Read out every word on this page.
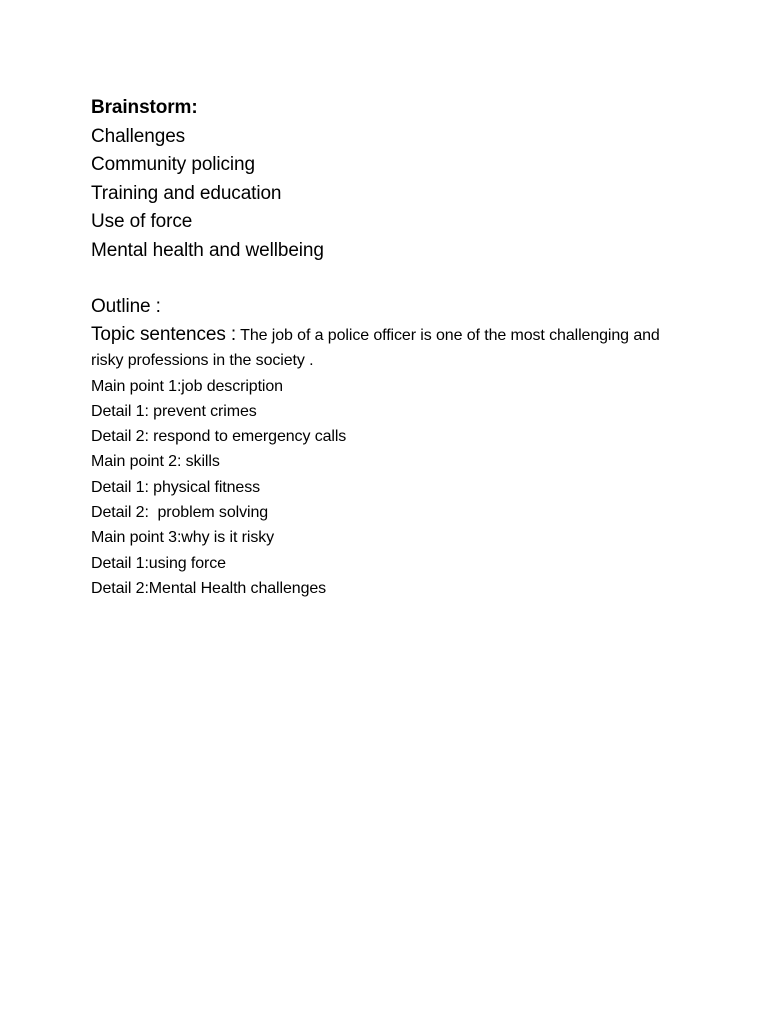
Brainstorm:

Challenges

Community policing

Training and education

Use of force

Mental health and wellbeing

Outline :

Topic sentences : The job of a police officer is one of the most challenging and risky professions in the society .

Main point 1:job description

Detail 1: prevent crimes

Detail 2: respond to emergency calls

Main point 2: skills

Detail 1: physical fitness

Detail 2:  problem solving

Main point 3:why is it risky

Detail 1:using force

Detail 2:Mental Health challenges
